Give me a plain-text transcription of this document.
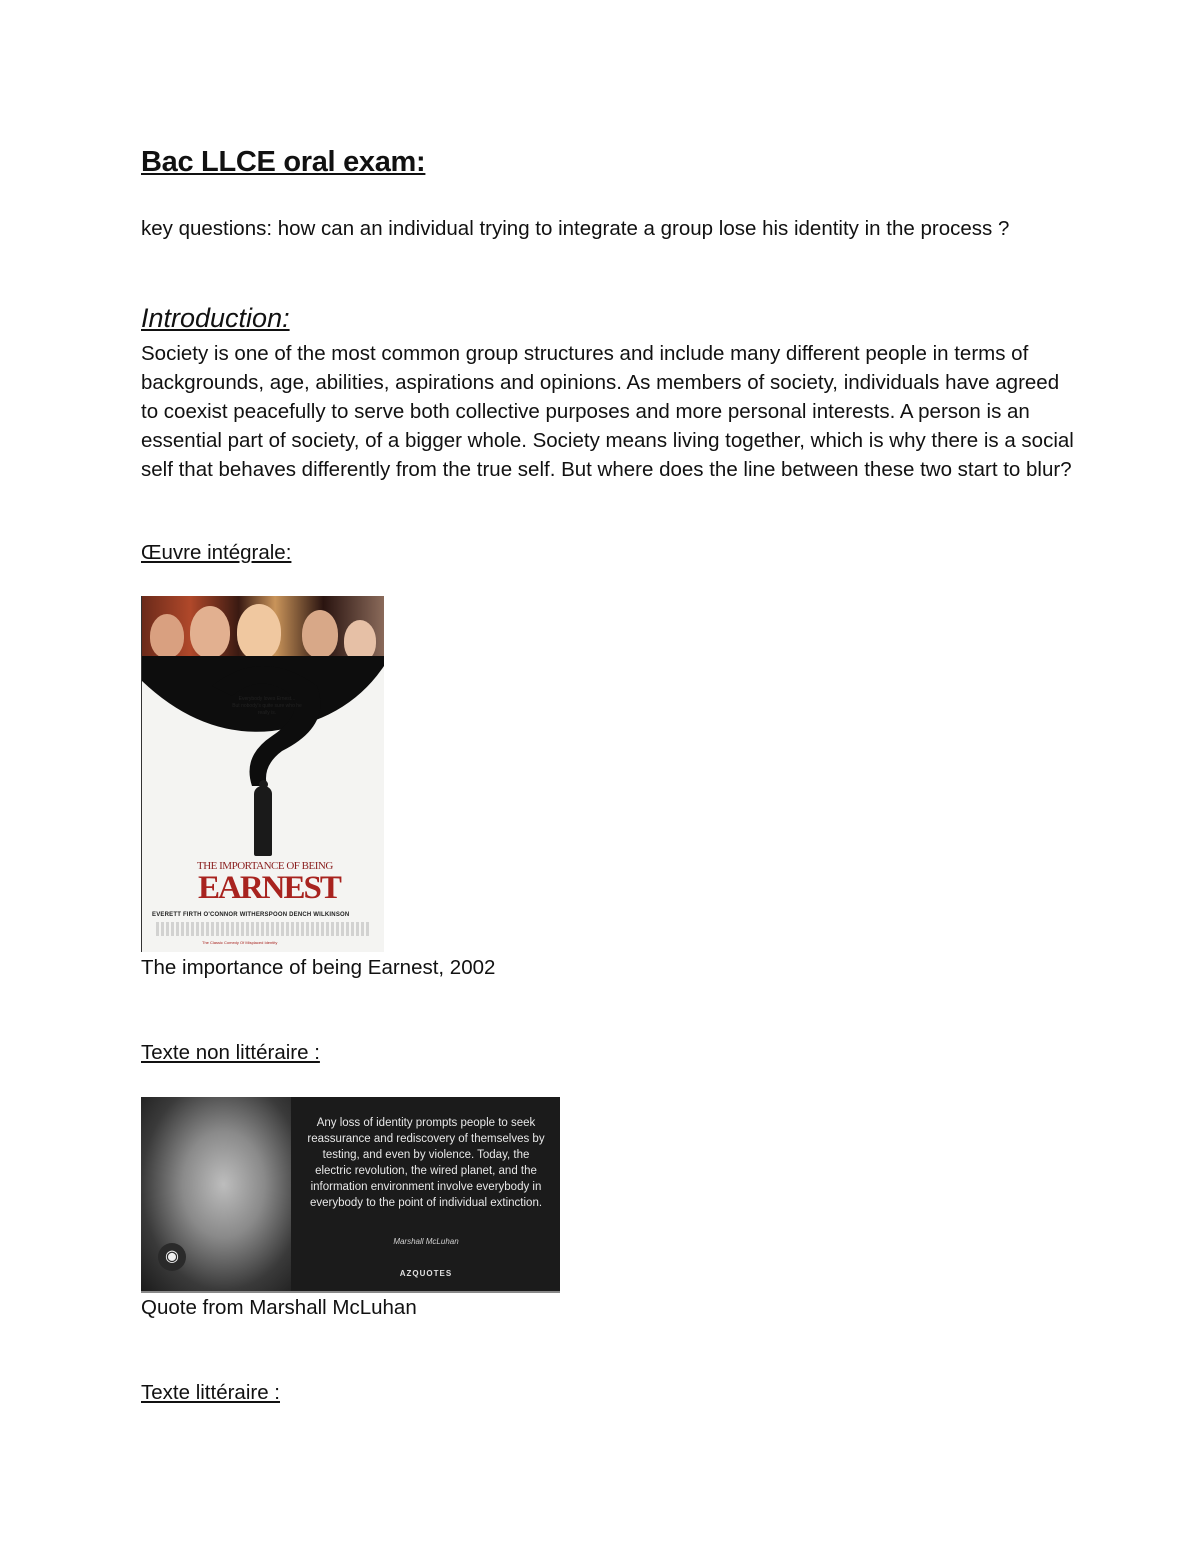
Bac LLCE oral exam:
key questions: how can an individual trying to integrate a group lose his identity in the process ?
Introduction:
Society is one of the most common group structures and include many different people in terms of backgrounds, age, abilities, aspirations and opinions. As members of society, individuals have agreed to coexist peacefully to serve both collective purposes and more personal interests. A person is an essential part of society, of a bigger whole. Society means living together, which is why there is a social self that behaves differently from the true self. But where does the line between these two start to blur?
Œuvre intégrale:
Everybody loves Ernest...
But nobody's quite sure who he really is.
THE IMPORTANCE OF BEING
EARNEST
EVERETT FIRTH O'CONNOR WITHERSPOON DENCH WILKINSON
The Classic Comedy Of Misplaced Identity
The importance of being Earnest, 2002
Texte non littéraire :
◉
Any loss of identity prompts people to seek reassurance and rediscovery of themselves by testing, and even by violence. Today, the electric revolution, the wired planet, and the information environment involve everybody in everybody to the point of individual extinction.
Marshall McLuhan
AZQUOTES
Quote from Marshall McLuhan
Texte littéraire :
